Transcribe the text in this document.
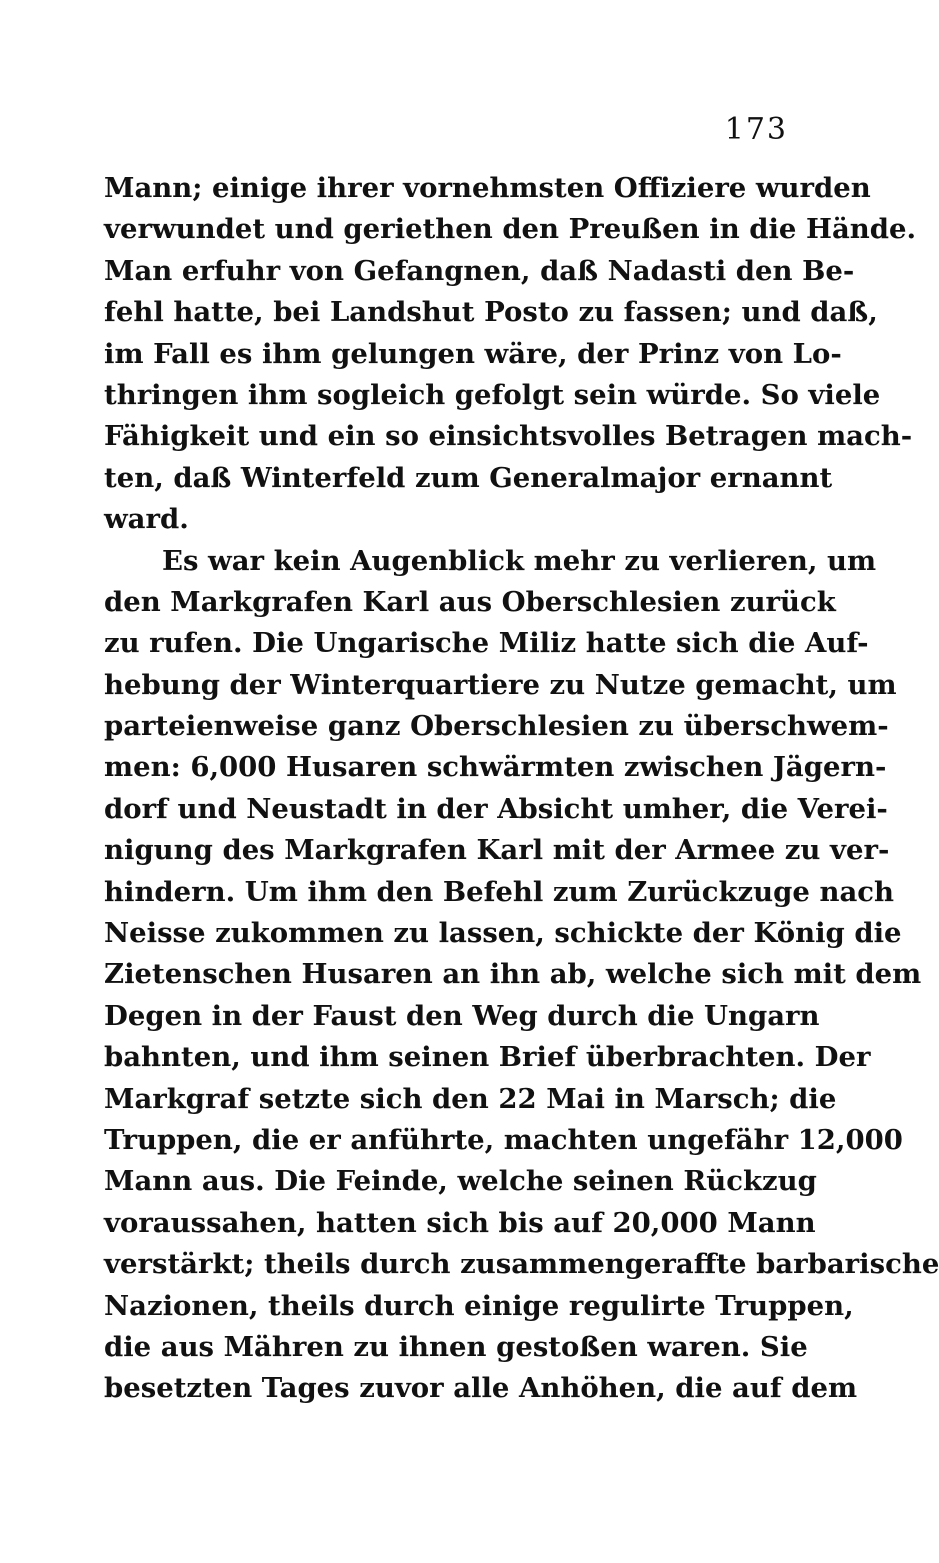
173
Mann; einige ihrer vornehmsten Offiziere wurden
verwundet und geriethen den Preußen in die Hände.
Man erfuhr von Gefangnen, daß Nadasti den Be-
fehl hatte, bei Landshut Posto zu fassen; und daß,
im Fall es ihm gelungen wäre, der Prinz von Lo-
thringen ihm sogleich gefolgt sein würde. So viele
Fähigkeit und ein so einsichtsvolles Betragen mach-
ten, daß Winterfeld zum Generalmajor ernannt
ward.
Es war kein Augenblick mehr zu verlieren, um
den Markgrafen Karl aus Oberschlesien zurück
zu rufen. Die Ungarische Miliz hatte sich die Auf-
hebung der Winterquartiere zu Nutze gemacht, um
parteienweise ganz Oberschlesien zu überschwem-
men: 6,000 Husaren schwärmten zwischen Jägern-
dorf und Neustadt in der Absicht umher, die Verei-
nigung des Markgrafen Karl mit der Armee zu ver-
hindern. Um ihm den Befehl zum Zurückzuge nach
Neisse zukommen zu lassen, schickte der König die
Zietenschen Husaren an ihn ab, welche sich mit dem
Degen in der Faust den Weg durch die Ungarn
bahnten, und ihm seinen Brief überbrachten. Der
Markgraf setzte sich den 22 Mai in Marsch; die
Truppen, die er anführte, machten ungefähr 12,000
Mann aus. Die Feinde, welche seinen Rückzug
voraussahen, hatten sich bis auf 20,000 Mann
verstärkt; theils durch zusammengeraffte barbarische
Nazionen, theils durch einige regulirte Truppen,
die aus Mähren zu ihnen gestoßen waren. Sie
besetzten Tages zuvor alle Anhöhen, die auf dem
